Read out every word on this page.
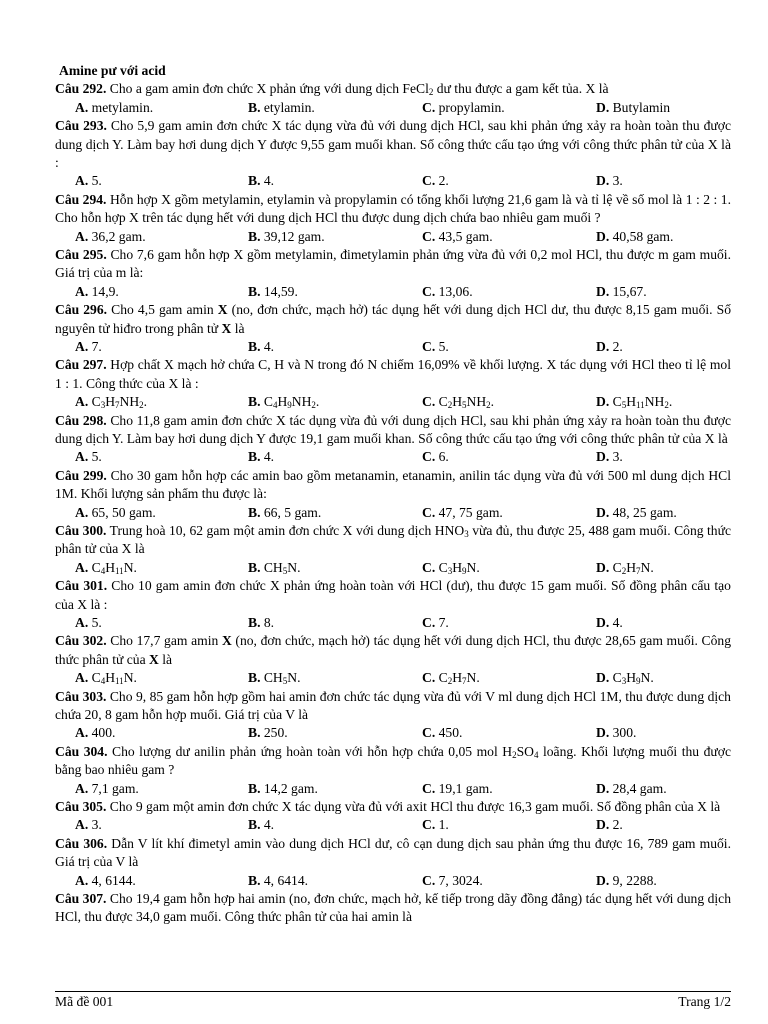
Amine pư với acid
Câu 292. Cho a gam amin đơn chức X phản ứng với dung dịch FeCl$_2$ dư thu được a gam kết tủa. X là
A. metylamin.	B. etylamin.	C. propylamin.	D. Butylamin
Câu 293. Cho 5,9 gam amin đơn chức X tác dụng vừa đủ với dung dịch HCl, sau khi phản ứng xảy ra hoàn toàn thu được dung dịch Y. Làm bay hơi dung dịch Y được 9,55 gam muối khan. Số công thức cấu tạo ứng với công thức phân tử của X là :
A. 5.	B. 4.	C. 2.	D. 3.
Câu 294. Hỗn hợp X gồm metylamin, etylamin và propylamin có tổng khối lượng 21,6 gam là và tỉ lệ về số mol là 1 : 2 : 1. Cho hỗn hợp X trên tác dụng hết với dung dịch HCl thu được dung dịch chứa bao nhiêu gam muối ?
A. 36,2 gam.	B. 39,12 gam.	C. 43,5 gam.	D. 40,58 gam.
Câu 295. Cho 7,6 gam hỗn hợp X gồm metylamin, đimetylamin phản ứng vừa đủ với 0,2 mol HCl, thu được m gam muối. Giá trị của m là:
A. 14,9.	B. 14,59.	C. 13,06.	D. 15,67.
Câu 296. Cho 4,5 gam amin X (no, đơn chức, mạch hở) tác dụng hết với dung dịch HCl dư, thu được 8,15 gam muối. Số nguyên tử hiđro trong phân tử X là
A. 7.	B. 4.	C. 5.	D. 2.
Câu 297. Hợp chất X mạch hở chứa C, H và N trong đó N chiếm 16,09% về khối lượng. X tác dụng với HCl theo tỉ lệ mol 1 : 1. Công thức của X là :
A. $C_3H_7NH_2$.	B. $C_4H_9NH_2$.	C. $C_2H_5NH_2$.	D. $C_5H_{11}NH_2$.
Câu 298. Cho 11,8 gam amin đơn chức X tác dụng vừa đủ với dung dịch HCl, sau khi phản ứng xảy ra hoàn toàn thu được dung dịch Y. Làm bay hơi dung dịch Y được 19,1 gam muối khan. Số công thức cấu tạo ứng với công thức phân tử của X là
A. 5.	B. 4.	C. 6.	D. 3.
Câu 299. Cho 30 gam hỗn hợp các amin bao gồm metanamin, etanamin, anilin tác dụng vừa đủ với 500 ml dung dịch HCl 1M. Khối lượng sản phẩm thu được là:
A. 65, 50 gam.	B. 66, 5 gam.	C. 47, 75 gam.	D. 48, 25 gam.
Câu 300. Trung hoà 10, 62 gam một amin đơn chức X với dung dịch $HNO_3$ vừa đủ, thu được 25, 488 gam muối. Công thức phân tử của X là
A. $C_4H_{11}N$.	B. $CH_5N$.	C. $C_3H_9N$.	D. $C_2H_7N$.
Câu 301. Cho 10 gam amin đơn chức X phản ứng hoàn toàn với HCl (dư), thu được 15 gam muối. Số đồng phân cấu tạo của X là :
A. 5.	B. 8.	C. 7.	D. 4.
Câu 302. Cho 17,7 gam amin X (no, đơn chức, mạch hở) tác dụng hết với dung dịch HCl, thu được 28,65 gam muối. Công thức phân tử của X là
A. $C_4H_{11}N$.	B. $CH_5N$.	C. $C_2H_7N$.	D. $C_3H_9N$.
Câu 303. Cho 9, 85 gam hỗn hợp gồm hai amin đơn chức tác dụng vừa đủ với V ml dung dịch HCl 1M, thu được dung dịch chứa 20, 8 gam hỗn hợp muối. Giá trị của V là
A. 400.	B. 250.	C. 450.	D. 300.
Câu 304. Cho lượng dư anilin phản ứng hoàn toàn với hỗn hợp chứa 0,05 mol $H_2SO_4$ loãng. Khối lượng muối thu được bằng bao nhiêu gam ?
A. 7,1 gam.	B. 14,2 gam.	C. 19,1 gam.	D. 28,4 gam.
Câu 305. Cho 9 gam một amin đơn chức X tác dụng vừa đủ với axit HCl thu được 16,3 gam muối. Số đồng phân của X là
A. 3.	B. 4.	C. 1.	D. 2.
Câu 306. Dẫn V lít khí đimetyl amin vào dung dịch HCl dư, cô cạn dung dịch sau phản ứng thu được 16, 789 gam muối. Giá trị của V là
A. 4, 6144.	B. 4, 6414.	C. 7, 3024.	D. 9, 2288.
Câu 307. Cho 19,4 gam hỗn hợp hai amin (no, đơn chức, mạch hở, kế tiếp trong dãy đồng đẳng) tác dụng hết với dung dịch HCl, thu được 34,0 gam muối. Công thức phân tử của hai amin là
Mã đề 001	Trang 1/2
